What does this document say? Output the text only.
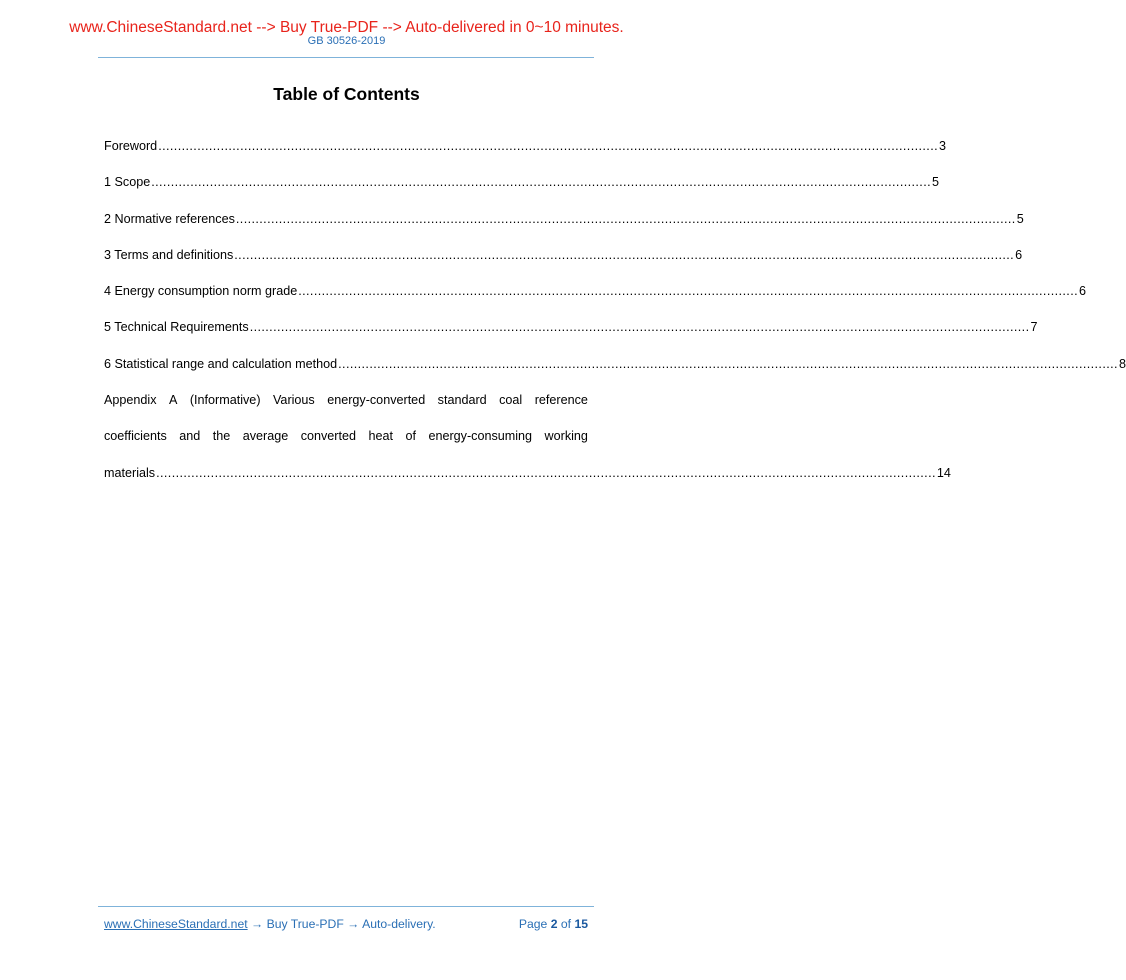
www.ChineseStandard.net --> Buy True-PDF --> Auto-delivered in 0~10 minutes.
GB 30526-2019
Table of Contents
Foreword ........................................................................................................................................................................................................ 3
1 Scope ........................................................................................................................................................................................................ 5
2 Normative references ........................................................................................................................................................................................................ 5
3 Terms and definitions ........................................................................................................................................................................................................ 6
4 Energy consumption norm grade ........................................................................................................................................................................................................ 6
5 Technical Requirements ........................................................................................................................................................................................................ 7
6 Statistical range and calculation method ........................................................................................................................................................................................................ 8
Appendix A (Informative) Various energy-converted standard coal reference
coefficients and the average converted heat of energy-consuming working
materials ........................................................................................................................................................................................................ 14
www.ChineseStandard.net → Buy True-PDF → Auto-delivery.	Page 2 of 15
